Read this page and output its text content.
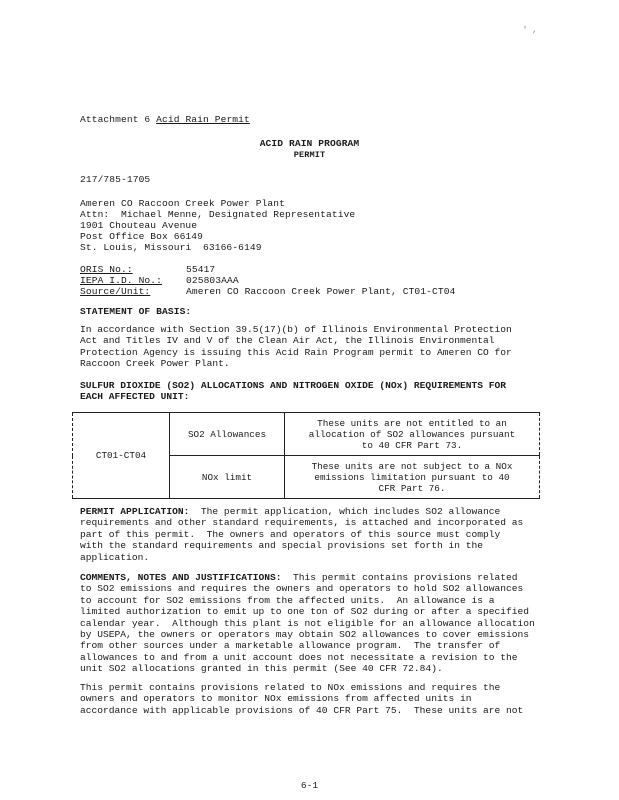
' ,
Attachment 6 Acid Rain Permit
ACID RAIN PROGRAM
PERMIT
217/785-1705
Ameren CO Raccoon Creek Power Plant
Attn:  Michael Menne, Designated Representative
1901 Chouteau Avenue
Post Office Box 66149
St. Louis, Missouri  63166-6149
ORIS No.:	55417
IEPA I.D. No.: 025803AAA
Source/Unit:	Ameren CO Raccoon Creek Power Plant, CT01-CT04
STATEMENT OF BASIS:
In accordance with Section 39.5(17)(b) of Illinois Environmental Protection
Act and Titles IV and V of the Clean Air Act, the Illinois Environmental
Protection Agency is issuing this Acid Rain Program permit to Ameren CO for
Raccoon Creek Power Plant.
SULFUR DIOXIDE (SO2) ALLOCATIONS AND NITROGEN OXIDE (NOx) REQUIREMENTS FOR
EACH AFFECTED UNIT:
CT01-CT04	SO2 Allowances	These units are not entitled to an
allocation of SO2 allowances pursuant
to 40 CFR Part 73.
	NOx limit	These units are not subject to a NOx
emissions limitation pursuant to 40
CFR Part 76.
PERMIT APPLICATION:  The permit application, which includes SO2 allowance
requirements and other standard requirements, is attached and incorporated as
part of this permit.  The owners and operators of this source must comply
with the standard requirements and special provisions set forth in the
application.
COMMENTS, NOTES AND JUSTIFICATIONS:  This permit contains provisions related
to SO2 emissions and requires the owners and operators to hold SO2 allowances
to account for SO2 emissions from the affected units.  An allowance is a
limited authorization to emit up to one ton of SO2 during or after a specified
calendar year.  Although this plant is not eligible for an allowance allocation
by USEPA, the owners or operators may obtain SO2 allowances to cover emissions
from other sources under a marketable allowance program.  The transfer of
allowances to and from a unit account does not necessitate a revision to the
unit SO2 allocations granted in this permit (See 40 CFR 72.84).
This permit contains provisions related to NOx emissions and requires the
owners and operators to monitor NOx emissions from affected units in
accordance with applicable provisions of 40 CFR Part 75.  These units are not
6-1
